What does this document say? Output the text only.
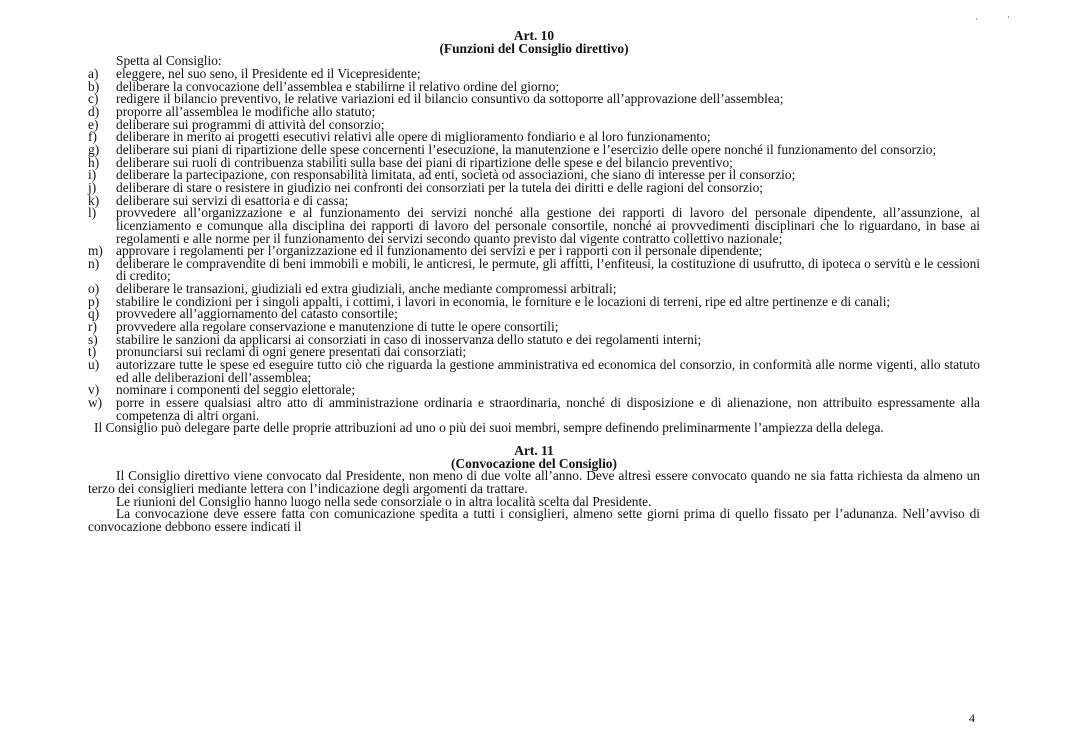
Art. 10
(Funzioni del Consiglio direttivo)

Spetta al Consiglio:

a)	eleggere, nel suo seno, il Presidente ed il Vicepresidente;
b)	deliberare la convocazione dell’assemblea e stabilirne il relativo ordine del giorno;
c)	redigere il bilancio preventivo, le relative variazioni ed il bilancio consuntivo da sottoporre all’approvazione dell’assemblea;
d)	proporre all’assemblea le modifiche allo statuto;
e)	deliberare sui programmi di attività del consorzio;
f)	deliberare in merito ai progetti esecutivi relativi alle opere di miglioramento fondiario e al loro funzionamento;
g)	deliberare sui piani di ripartizione delle spese concernenti l’esecuzione, la manutenzione e l’esercizio delle opere nonché il funzionamento del consorzio;
h)	deliberare sui ruoli di contribuenza stabiliti sulla base dei piani di ripartizione delle spese e del bilancio preventivo;
i)	deliberare la partecipazione, con responsabilità limitata, ad enti, società od associazioni, che siano di interesse per il consorzio;
j)	deliberare di stare o resistere in giudizio nei confronti dei consorziati per la tutela dei diritti e delle ragioni del consorzio;
k)	deliberare sui servizi di esattoria e di cassa;
l)	provvedere all’organizzazione e al funzionamento dei servizi nonché alla gestione dei rapporti di lavoro del personale dipendente, all’assunzione, al licenziamento e comunque alla disciplina dei rapporti di lavoro del personale consortile, nonché ai provvedimenti disciplinari che lo riguardano, in base ai regolamenti e alle norme per il funzionamento dei servizi secondo quanto previsto dal vigente contratto collettivo nazionale;
m) approvare i regolamenti per l’organizzazione ed il funzionamento dei servizi e per i rapporti con il personale dipendente;
n)	deliberare le compravendite di beni immobili e mobili, le anticresi, le permute, gli affitti, l’enfiteusi, la costituzione di usufrutto, di ipoteca o servitù e le cessioni di credito;
o)	deliberare le transazioni, giudiziali ed extra giudiziali, anche mediante compromessi arbitrali;
p)	stabilire le condizioni per i singoli appalti, i cottimi, i lavori in economia, le forniture e le locazioni di terreni, ripe ed altre pertinenze e di canali;
q)	provvedere all’aggiornamento del catasto consortile;
r)	provvedere alla regolare conservazione e manutenzione di tutte le opere consortili;
s)	stabilire le sanzioni da applicarsi ai consorziati in caso di inosservanza dello statuto e dei regolamenti interni;
t)	pronunciarsi sui reclami di ogni genere presentati dai consorziati;
u)	autorizzare tutte le spese ed eseguire tutto ciò che riguarda la gestione amministrativa ed economica del consorzio, in conformità alle norme vigenti, allo statuto ed alle deliberazioni dell’assemblea;
v)	nominare i componenti del seggio elettorale;
w)	porre in essere qualsiasi altro atto di amministrazione ordinaria e straordinaria, nonché di disposizione e di alienazione, non attribuito espressamente alla competenza di altri organi.

Il Consiglio può delegare parte delle proprie attribuzioni ad uno o più dei suoi membri, sempre definendo preliminarmente l’ampiezza della delega.

Art. 11
(Convocazione del Consiglio)

Il Consiglio direttivo viene convocato dal Presidente, non meno di due volte all’anno. Deve altresì essere convocato quando ne sia fatta richiesta da almeno un terzo dei consiglieri mediante lettera con l’indicazione degli argomenti da trattare.

Le riunioni del Consiglio hanno luogo nella sede consorziale o in altra località scelta dal Presidente.

La convocazione deve essere fatta con comunicazione spedita a tutti i consiglieri, almeno sette giorni prima di quello fissato per l’adunanza. Nell’avviso di convocazione debbono essere indicati il

4
·	·
